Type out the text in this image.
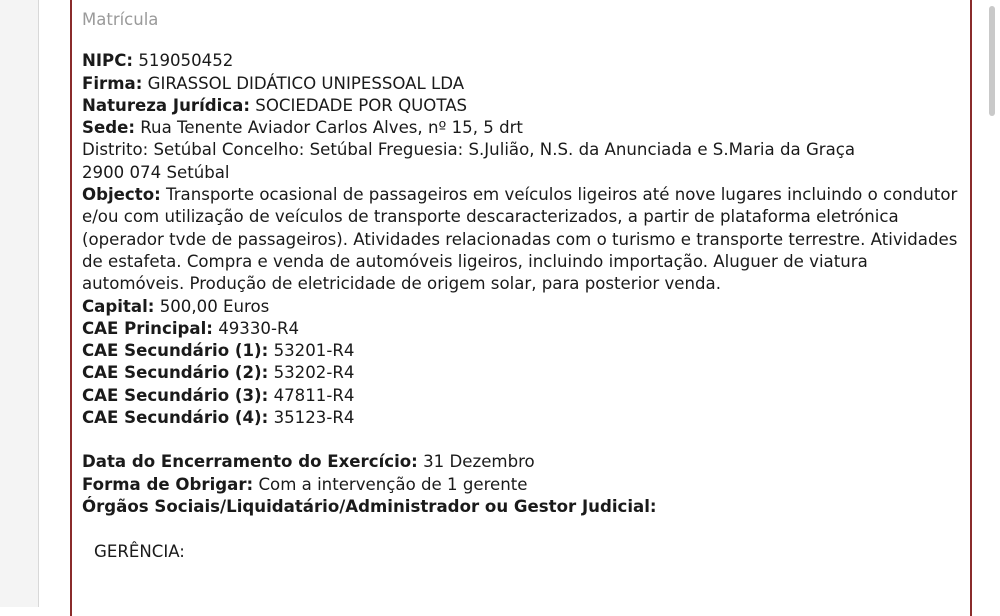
Matrícula
NIPC: 519050452
Firma: GIRASSOL DIDÁTICO UNIPESSOAL LDA
Natureza Jurídica: SOCIEDADE POR QUOTAS
Sede: Rua Tenente Aviador Carlos Alves, nº 15, 5 drt
Distrito: Setúbal Concelho: Setúbal Freguesia: S.Julião, N.S. da Anunciada e S.Maria da Graça
2900 074 Setúbal
Objecto: Transporte ocasional de passageiros em veículos ligeiros até nove lugares incluindo o condutor e/ou com utilização de veículos de transporte descaracterizados, a partir de plataforma eletrónica (operador tvde de passageiros). Atividades relacionadas com o turismo e transporte terrestre. Atividades de estafeta. Compra e venda de automóveis ligeiros, incluindo importação. Aluguer de viatura automóveis. Produção de eletricidade de origem solar, para posterior venda.
Capital: 500,00 Euros
CAE Principal: 49330-R4
CAE Secundário (1): 53201-R4
CAE Secundário (2): 53202-R4
CAE Secundário (3): 47811-R4
CAE Secundário (4): 35123-R4
Data do Encerramento do Exercício: 31 Dezembro
Forma de Obrigar: Com a intervenção de 1 gerente
Órgãos Sociais/Liquidatário/Administrador ou Gestor Judicial:
GERÊNCIA:
